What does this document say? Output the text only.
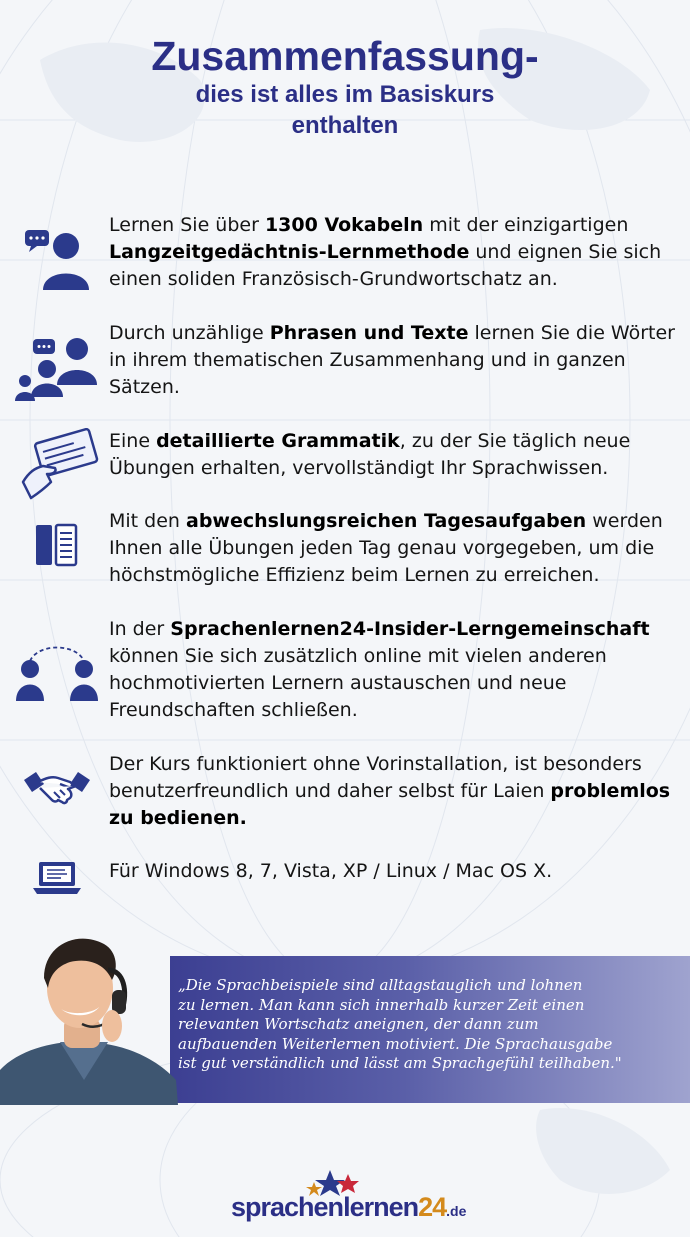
Zusammenfassung-
dies ist alles im Basiskurs
enthalten
Lernen Sie über 1300 Vokabeln mit der einzigartigen Langzeitgedächtnis-Lernmethode und eignen Sie sich einen soliden Französisch-Grundwortschatz an.
Durch unzählige Phrasen und Texte lernen Sie die Wörter in ihrem thematischen Zusammenhang und in ganzen Sätzen.
Eine detaillierte Grammatik, zu der Sie täglich neue Übungen erhalten, vervollständigt Ihr Sprachwissen.
Mit den abwechslungsreichen Tagesaufgaben werden Ihnen alle Übungen jeden Tag genau vorgegeben, um die höchstmögliche Effizienz beim Lernen zu erreichen.
In der Sprachenlernen24-Insider-Lerngemeinschaft können Sie sich zusätzlich online mit vielen anderen hochmotivierten Lernern austauschen und neue Freundschaften schließen.
Der Kurs funktioniert ohne Vorinstallation, ist besonders benutzerfreundlich und daher selbst für Laien problemlos zu bedienen.
Für Windows 8, 7, Vista, XP / Linux / Mac OS X.
„Die Sprachbeispiele sind alltagstauglich und lohnen
zu lernen. Man kann sich innerhalb kurzer Zeit einen
relevanten Wortschatz aneignen, der dann zum
aufbauenden Weiterlernen motiviert. Die Sprachausgabe
ist gut verständlich und lässt am Sprachgefühl teilhaben."
sprachenlernen24.de
